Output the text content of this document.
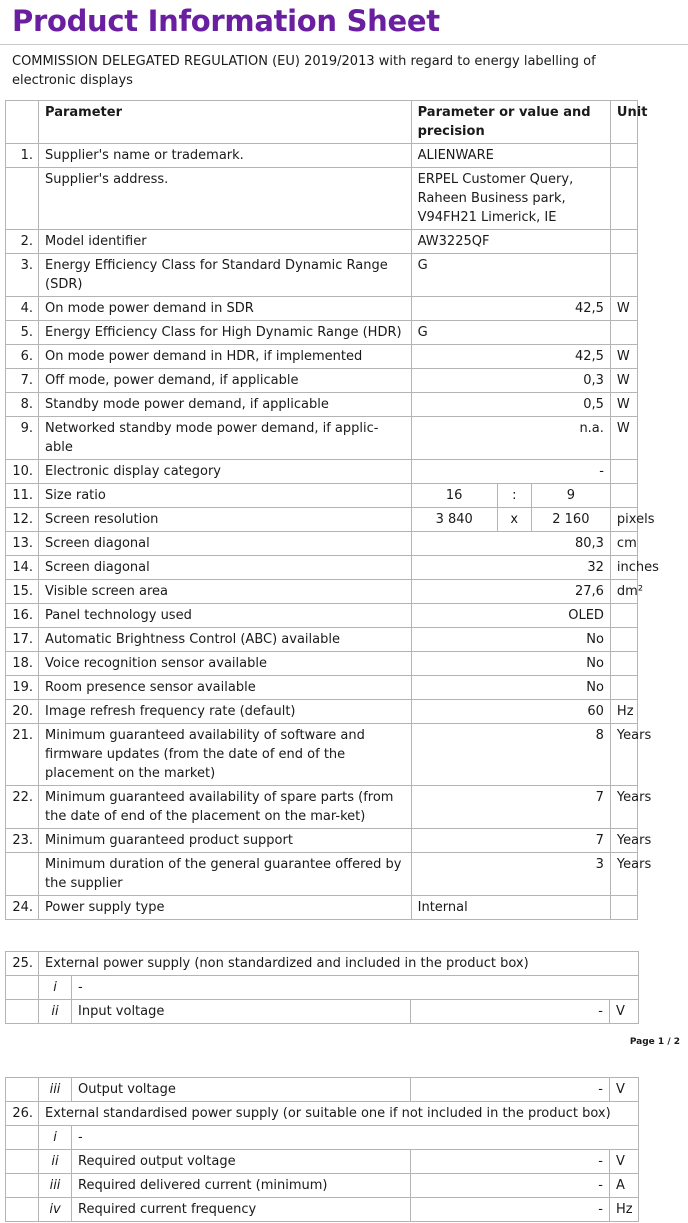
Product Information Sheet
COMMISSION DELEGATED REGULATION (EU) 2019/2013 with regard to energy labelling of electronic displays
	Parameter	Parameter or value and precision			Unit
1.	Supplier's name or trademark.	ALIENWARE			
	Supplier's address.	ERPEL Customer Query, Raheen Business park, V94FH21 Limerick, IE			
2.	Model identifier	AW3225QF			
3.	Energy Efficiency Class for Standard Dynamic Range (SDR)	G			
4.	On mode power demand in SDR	42,5			W
5.	Energy Efficiency Class for High Dynamic Range (HDR)	G			
6.	On mode power demand in HDR, if implemented	42,5			W
7.	Off mode, power demand, if applicable	0,3			W
8.	Standby mode power demand, if applicable	0,5			W
9.	Networked standby mode power demand, if applic-able	n.a.			W
10.	Electronic display category	-			
11.	Size ratio	16	:	9	
12.	Screen resolution	3 840	x	2 160	pixels
13.	Screen diagonal	80,3			cm
14.	Screen diagonal	32			inches
15.	Visible screen area	27,6			dm²
16.	Panel technology used	OLED			
17.	Automatic Brightness Control (ABC) available	No			
18.	Voice recognition sensor available	No			
19.	Room presence sensor available	No			
20.	Image refresh frequency rate (default)	60			Hz
21.	Minimum guaranteed availability of software and firmware updates (from the date of end of the placement on the market)	8			Years
22.	Minimum guaranteed availability of spare parts (from the date of end of the placement on the mar-ket)	7			Years
23.	Minimum guaranteed product support	7			Years
	Minimum duration of the general guarantee offered by the supplier	3			Years
24.	Power supply type	Internal			
25.	External power supply (non standardized and included in the product box)			
	i	-		
	ii	Input voltage	-	V
Page 1 / 2
	iii	Output voltage	-	V
26.	External standardised power supply (or suitable one if not included in the product box)			
	i	-		
	ii	Required output voltage	-	V
	iii	Required delivered current (minimum)	-	A
	iv	Required current frequency	-	Hz
